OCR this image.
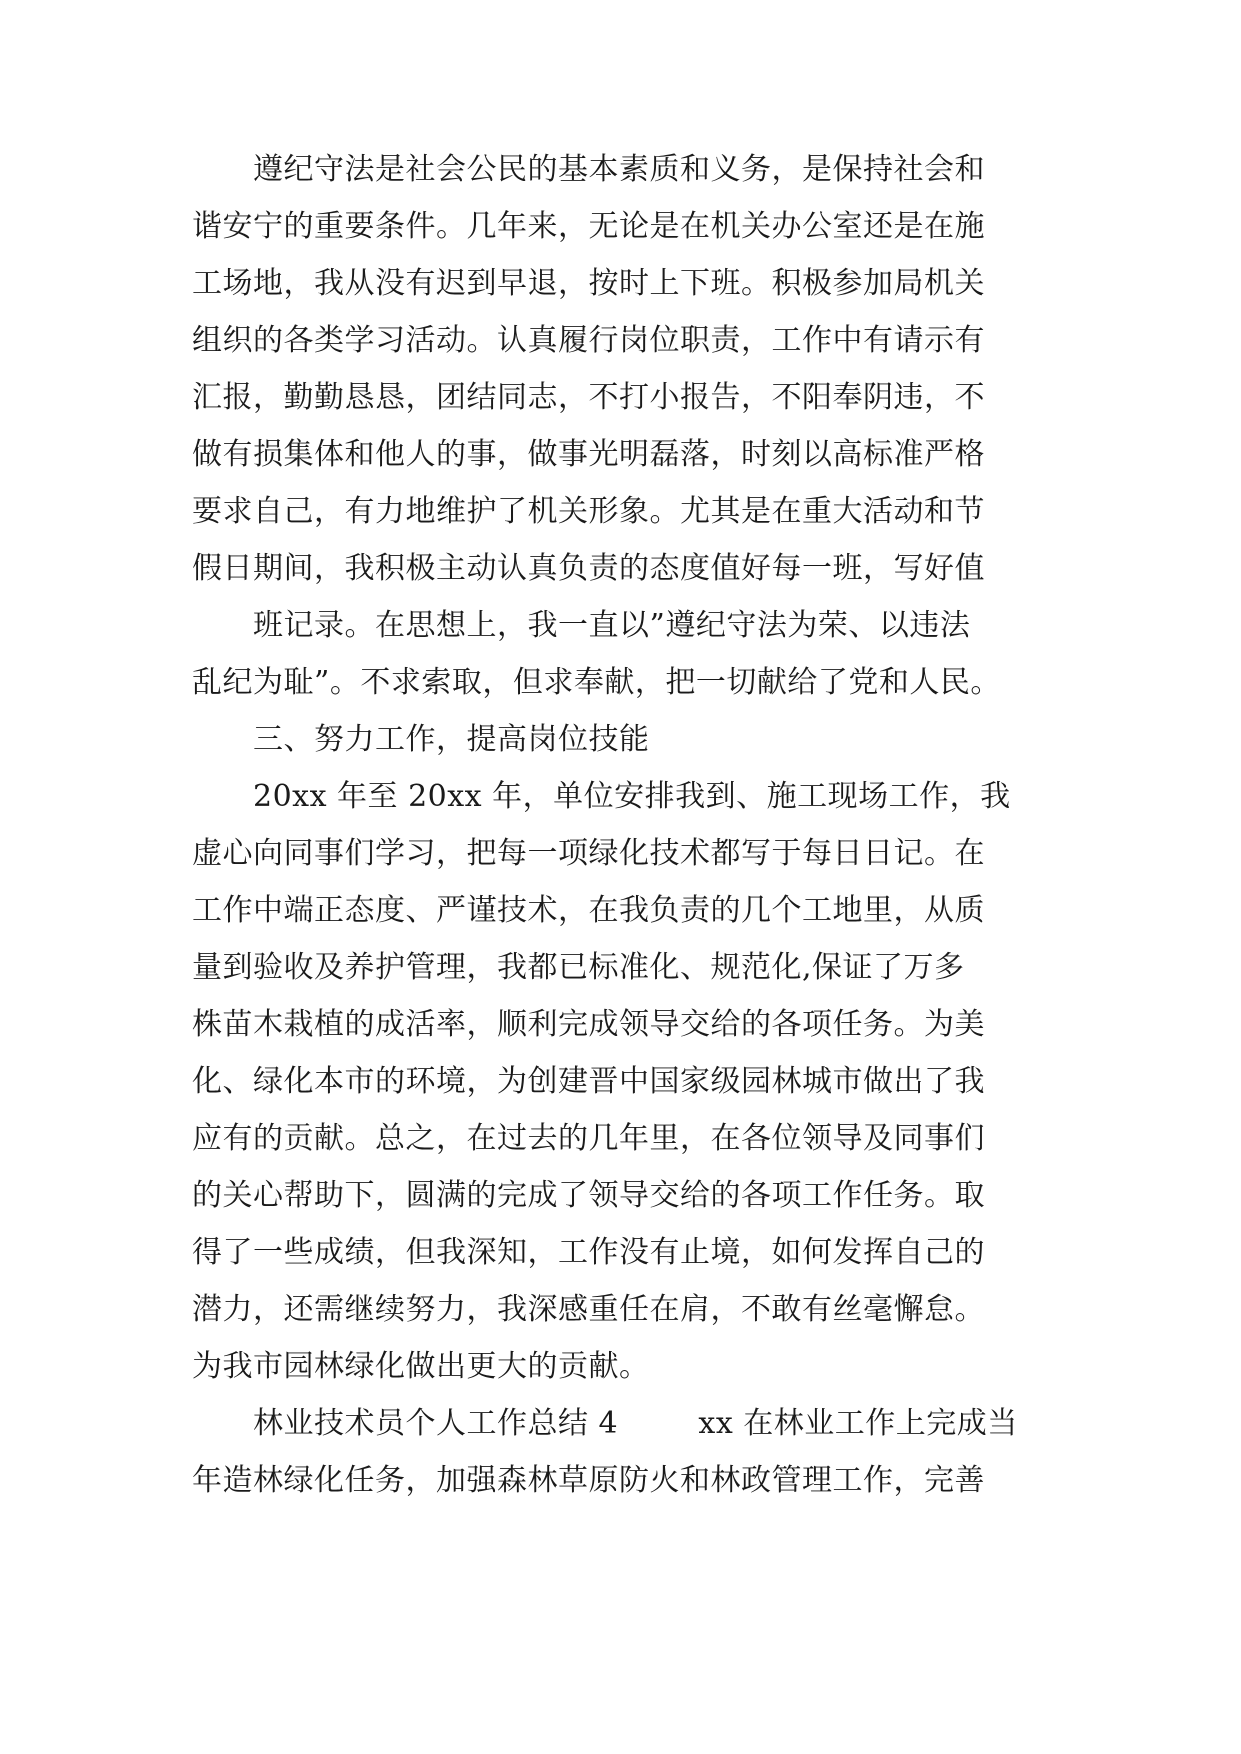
遵纪守法是社会公民的基本素质和义务，是保持社会和
谐安宁的重要条件。几年来，无论是在机关办公室还是在施
工场地，我从没有迟到早退，按时上下班。积极参加局机关
组织的各类学习活动。认真履行岗位职责，工作中有请示有
汇报，勤勤恳恳，团结同志，不打小报告，不阳奉阴违，不
做有损集体和他人的事，做事光明磊落，时刻以高标准严格
要求自己，有力地维护了机关形象。尤其是在重大活动和节
假日期间，我积极主动认真负责的态度值好每一班，写好值
班记录。在思想上，我一直以”遵纪守法为荣、以违法
乱纪为耻”。不求索取，但求奉献，把一切献给了党和人民。
三、努力工作，提高岗位技能
20xx 年至 20xx 年，单位安排我到、施工现场工作，我
虚心向同事们学习，把每一项绿化技术都写于每日日记。在
工作中端正态度、严谨技术，在我负责的几个工地里，从质
量到验收及养护管理，我都已标准化、规范化,保证了万多
株苗木栽植的成活率，顺利完成领导交给的各项任务。为美
化、绿化本市的环境，为创建晋中国家级园林城市做出了我
应有的贡献。总之，在过去的几年里，在各位领导及同事们
的关心帮助下，圆满的完成了领导交给的各项工作任务。取
得了一些成绩，但我深知，工作没有止境，如何发挥自己的
潜力，还需继续努力，我深感重任在肩，不敢有丝毫懈怠。
为我市园林绿化做出更大的贡献。
林业技术员个人工作总结 4        xx 在林业工作上完成当
年造林绿化任务，加强森林草原防火和林政管理工作，完善
